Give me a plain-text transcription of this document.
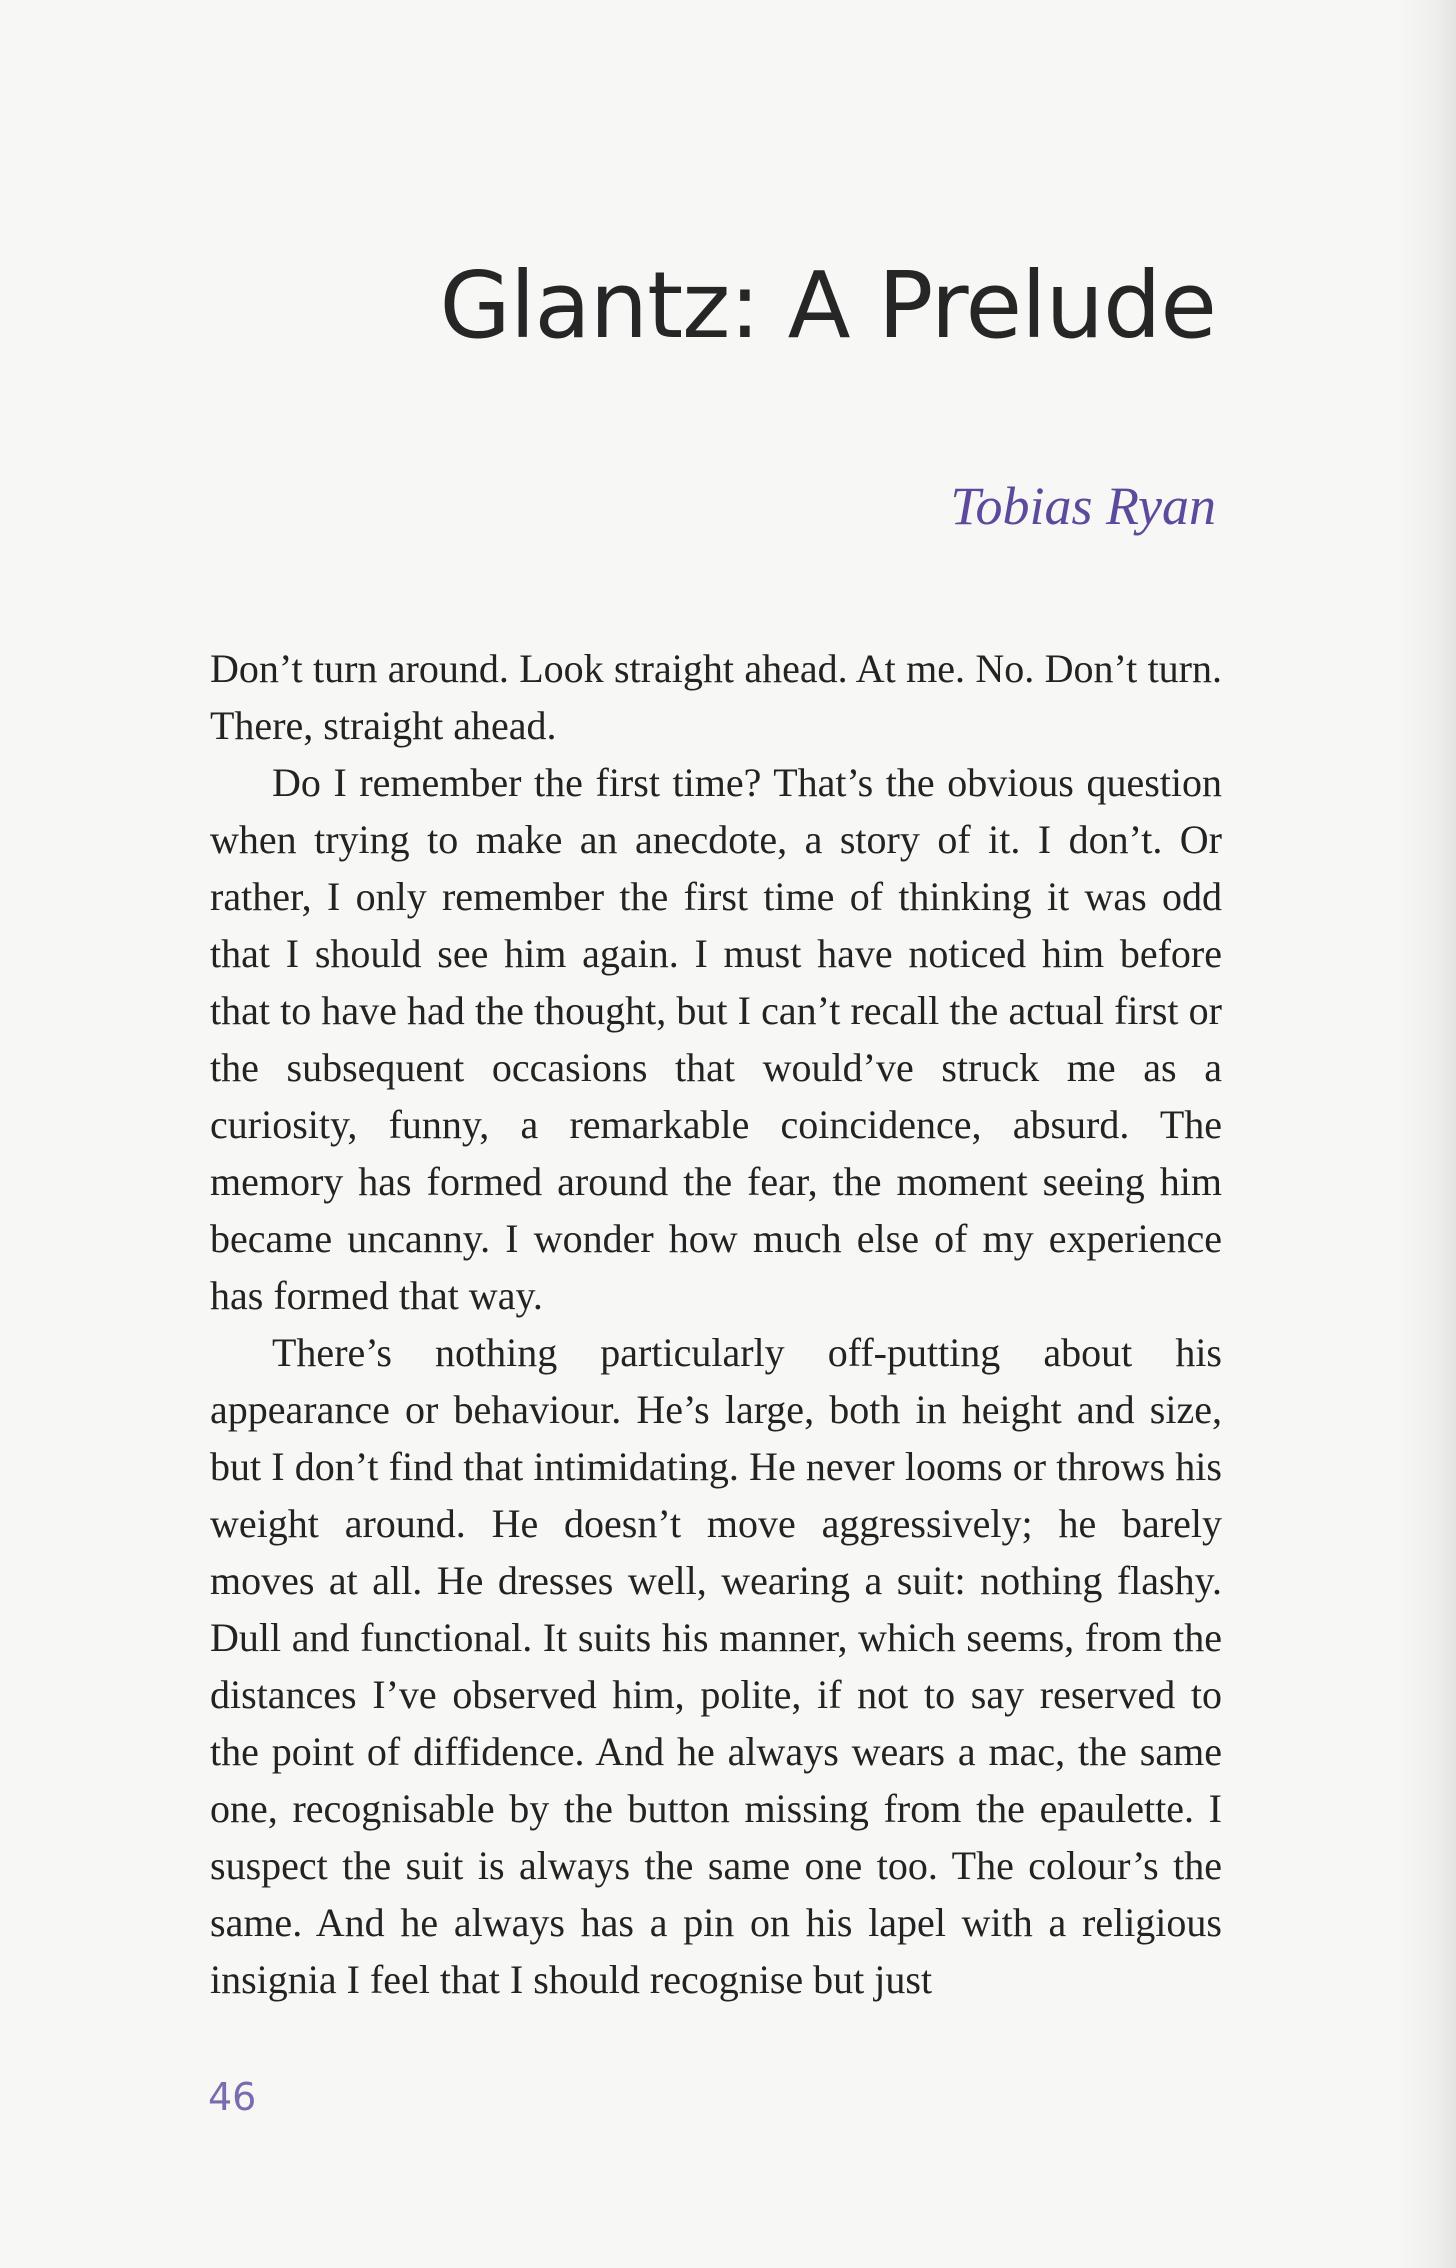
Glantz: A Prelude
Tobias Ryan

Don’t turn around. Look straight ahead. At me. No. Don’t turn. There, straight ahead.

Do I remember the first time? That’s the obvious question when trying to make an anecdote, a story of it. I don’t. Or rather, I only remember the first time of thinking it was odd that I should see him again. I must have noticed him before that to have had the thought, but I can’t recall the actual first or the subsequent occasions that would’ve struck me as a curiosity, funny, a remarkable coincidence, absurd. The memory has formed around the fear, the moment seeing him became uncanny. I wonder how much else of my experience has formed that way.

There’s nothing particularly off-putting about his appearance or behaviour. He’s large, both in height and size, but I don’t find that intimidating. He never looms or throws his weight around. He doesn’t move aggressively; he barely moves at all. He dresses well, wearing a suit: nothing flashy. Dull and functional. It suits his manner, which seems, from the distances I’ve observed him, polite, if not to say reserved to the point of diffidence. And he always wears a mac, the same one, recognisable by the button missing from the epaulette. I suspect the suit is always the same one too. The colour’s the same. And he always has a pin on his lapel with a religious insignia I feel that I should recognise but just

46
